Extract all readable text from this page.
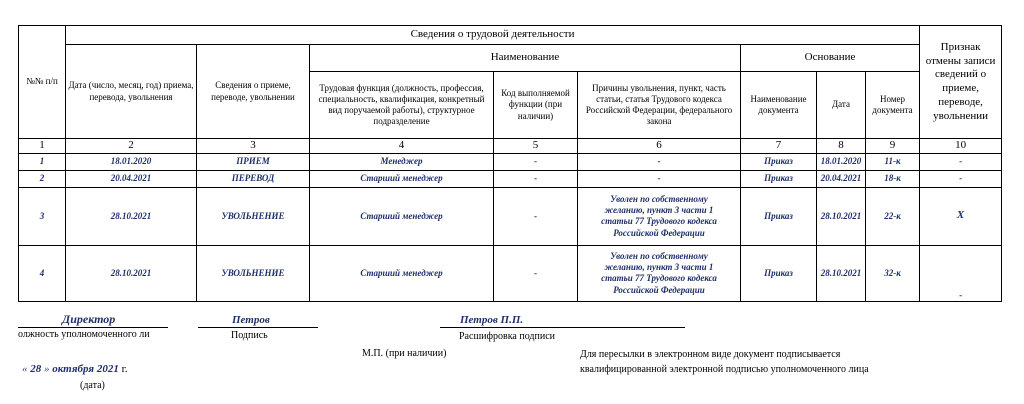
№№ п/п	Сведения о трудовой деятельности								Признак отмены записи сведений о приеме, переводе, увольнении
	Дата (число, месяц, год) приема, перевода, увольнения	Сведения о приеме, переводе, увольнении	Наименование			Основание			
			Трудовая функция (должность, профессия, специальность, квалификация, конкретный вид поручаемой работы), структурное подразделение	Код выполняемой функции (при наличии)	Причины увольнения, пункт, часть статьи, статья Трудового кодекса Российской Федерации, федерального закона	Наименование документа	Дата	Номер документа	
1	2	3	4	5	6	7	8	9	10
1	18.01.2020	ПРИЕМ	Менеджер	-	-	Приказ	18.01.2020	11-к	-
2	20.04.2021	ПЕРЕВОД	Старший менеджер	-	-	Приказ	20.04.2021	18-к	-
3	28.10.2021	УВОЛЬНЕНИЕ	Старший менеджер	-	Уволен по собственному желанию, пункт 3 части 1 статьи 77 Трудового кодекса Российской Федерации	Приказ	28.10.2021	22-к	Х
4	28.10.2021	УВОЛЬНЕНИЕ	Старший менеджер	-	Уволен по собственному желанию, пункт 3 части 1 статьи 77 Трудового кодекса Российской Федерации	Приказ	28.10.2021	32-к	-
Директор
олжность уполномоченного ли
Петров
Подпись
Петров П.П.
Расшифровка подписи
М.П. (при наличии)	Для пересылки в электронном виде документ подписывается
квалифицированной электронной подписью уполномоченного лица
« 28 » октября 2021 г.
(дата)
